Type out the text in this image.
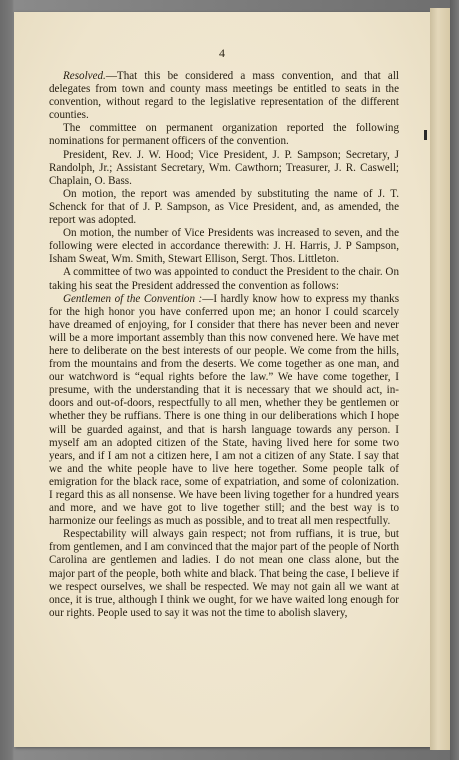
4

Resolved.—That this be considered a mass convention, and that all delegates from town and county mass meetings be entitled to seats in the convention, without regard to the legislative representation of the different counties.

The committee on permanent organization reported the following nominations for permanent officers of the convention.

President, Rev. J. W. Hood; Vice President, J. P. Sampson; Secretary, J Randolph, Jr.; Assistant Secretary, Wm. Cawthorn; Treasurer, J. R. Caswell; Chaplain, O. Bass.

On motion, the report was amended by substituting the name of J. T. Schenck for that of J. P. Sampson, as Vice President, and, as amended, the report was adopted.

On motion, the number of Vice Presidents was increased to seven, and the following were elected in accordance therewith: J. H. Harris, J. P Sampson, Isham Sweat, Wm. Smith, Stewart Ellison, Sergt. Thos. Littleton.

A committee of two was appointed to conduct the President to the chair. On taking his seat the President addressed the convention as follows:

Gentlemen of the Convention :—I hardly know how to express my thanks for the high honor you have conferred upon me; an honor I could scarcely have dreamed of enjoying, for I consider that there has never been and never will be a more important assembly than this now convened here. We have met here to deliberate on the best interests of our people. We come from the hills, from the mountains and from the deserts. We come together as one man, and our watchword is “equal rights before the law.” We have come together, I presume, with the understanding that it is necessary that we should act, in-doors and out-of-doors, respectfully to all men, whether they be gentlemen or whether they be ruffians. There is one thing in our deliberations which I hope will be guarded against, and that is harsh language towards any person. I myself am an adopted citizen of the State, having lived here for some two years, and if I am not a citizen here, I am not a citizen of any State. I say that we and the white people have to live here together. Some people talk of emigration for the black race, some of expatriation, and some of colonization. I regard this as all nonsense. We have been living together for a hundred years and more, and we have got to live together still; and the best way is to harmonize our feelings as much as possible, and to treat all men respectfully.

Respectability will always gain respect; not from ruffians, it is true, but from gentlemen, and I am convinced that the major part of the people of North Carolina are gentlemen and ladies. I do not mean one class alone, but the major part of the people, both white and black. That being the case, I believe if we respect ourselves, we shall be respected. We may not gain all we want at once, it is true, although I think we ought, for we have waited long enough for our rights. People used to say it was not the time to abolish slavery,
